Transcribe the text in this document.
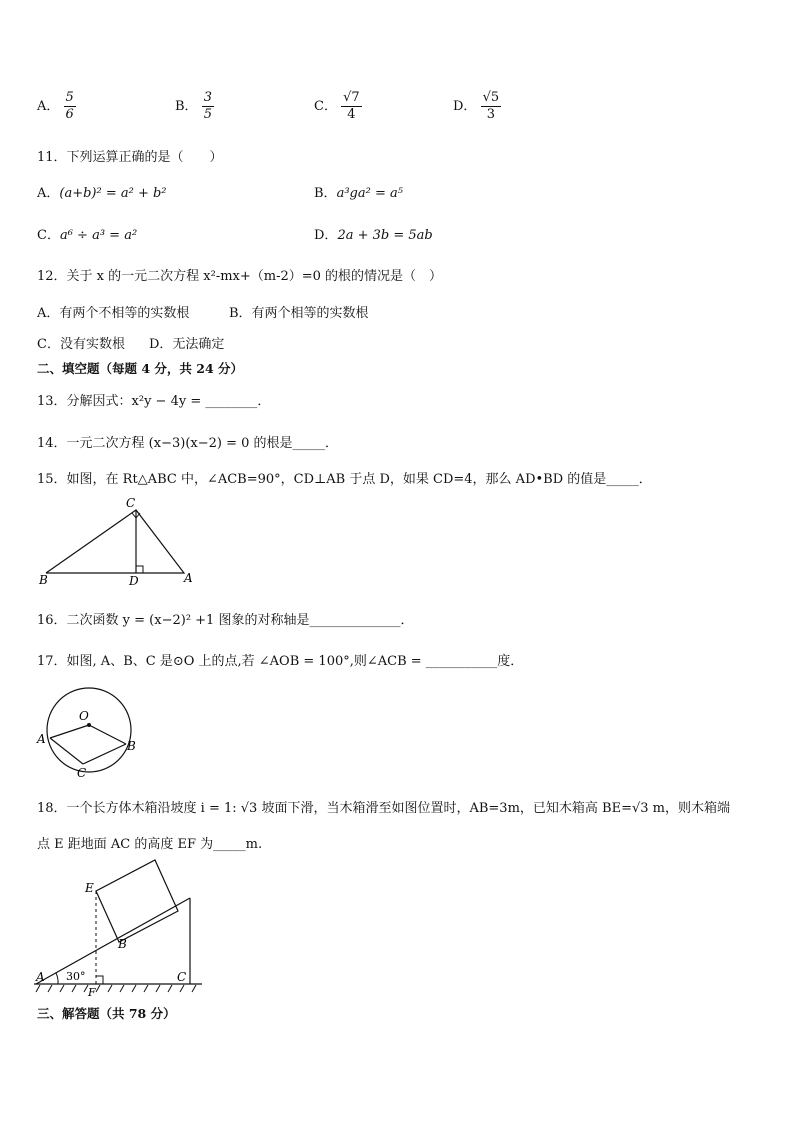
A． $\frac{5}{6}$	B． $\frac{3}{5}$	C． $\frac{√7}{4}$	D． $\frac{√5}{3}$
11．下列运算正确的是（　　）
A．(a+b)² = a² + b²	B．a³ga² = a⁵
C．a⁶ ÷ a³ = a²	D．2a + 3b = 5ab
12．关于 x 的一元二次方程 x²-mx+（m-2）=0 的根的情况是（　）
A．有两个不相等的实数根	B．有两个相等的实数根
C．没有实数根 D．无法确定
二、填空题（每题 4 分，共 24 分）
13．分解因式：x²y − 4y = ________．
14．一元二次方程 (x−3)(x−2) = 0 的根是_____．
15．如图，在 Rt△ABC 中，∠ACB=90°，CD⊥AB 于点 D，如果 CD=4，那么 AD•BD 的值是_____．
C
B	D	A
16．二次函数 y = (x−2)² +1 图象的对称轴是______________．
17．如图, A、B、C 是⊙O 上的点,若 ∠AOB = 100°,则∠ACB = ___________度．
O
A	B
C
18．一个长方体木箱沿坡度 i = 1: √3 坡面下滑，当木箱滑至如图位置时，AB=3m，已知木箱高 BE=√3 m，则木箱端
点 E 距地面 AC 的高度 EF 为_____m.
E
B
A	C
F
30°
三、解答题（共 78 分）
